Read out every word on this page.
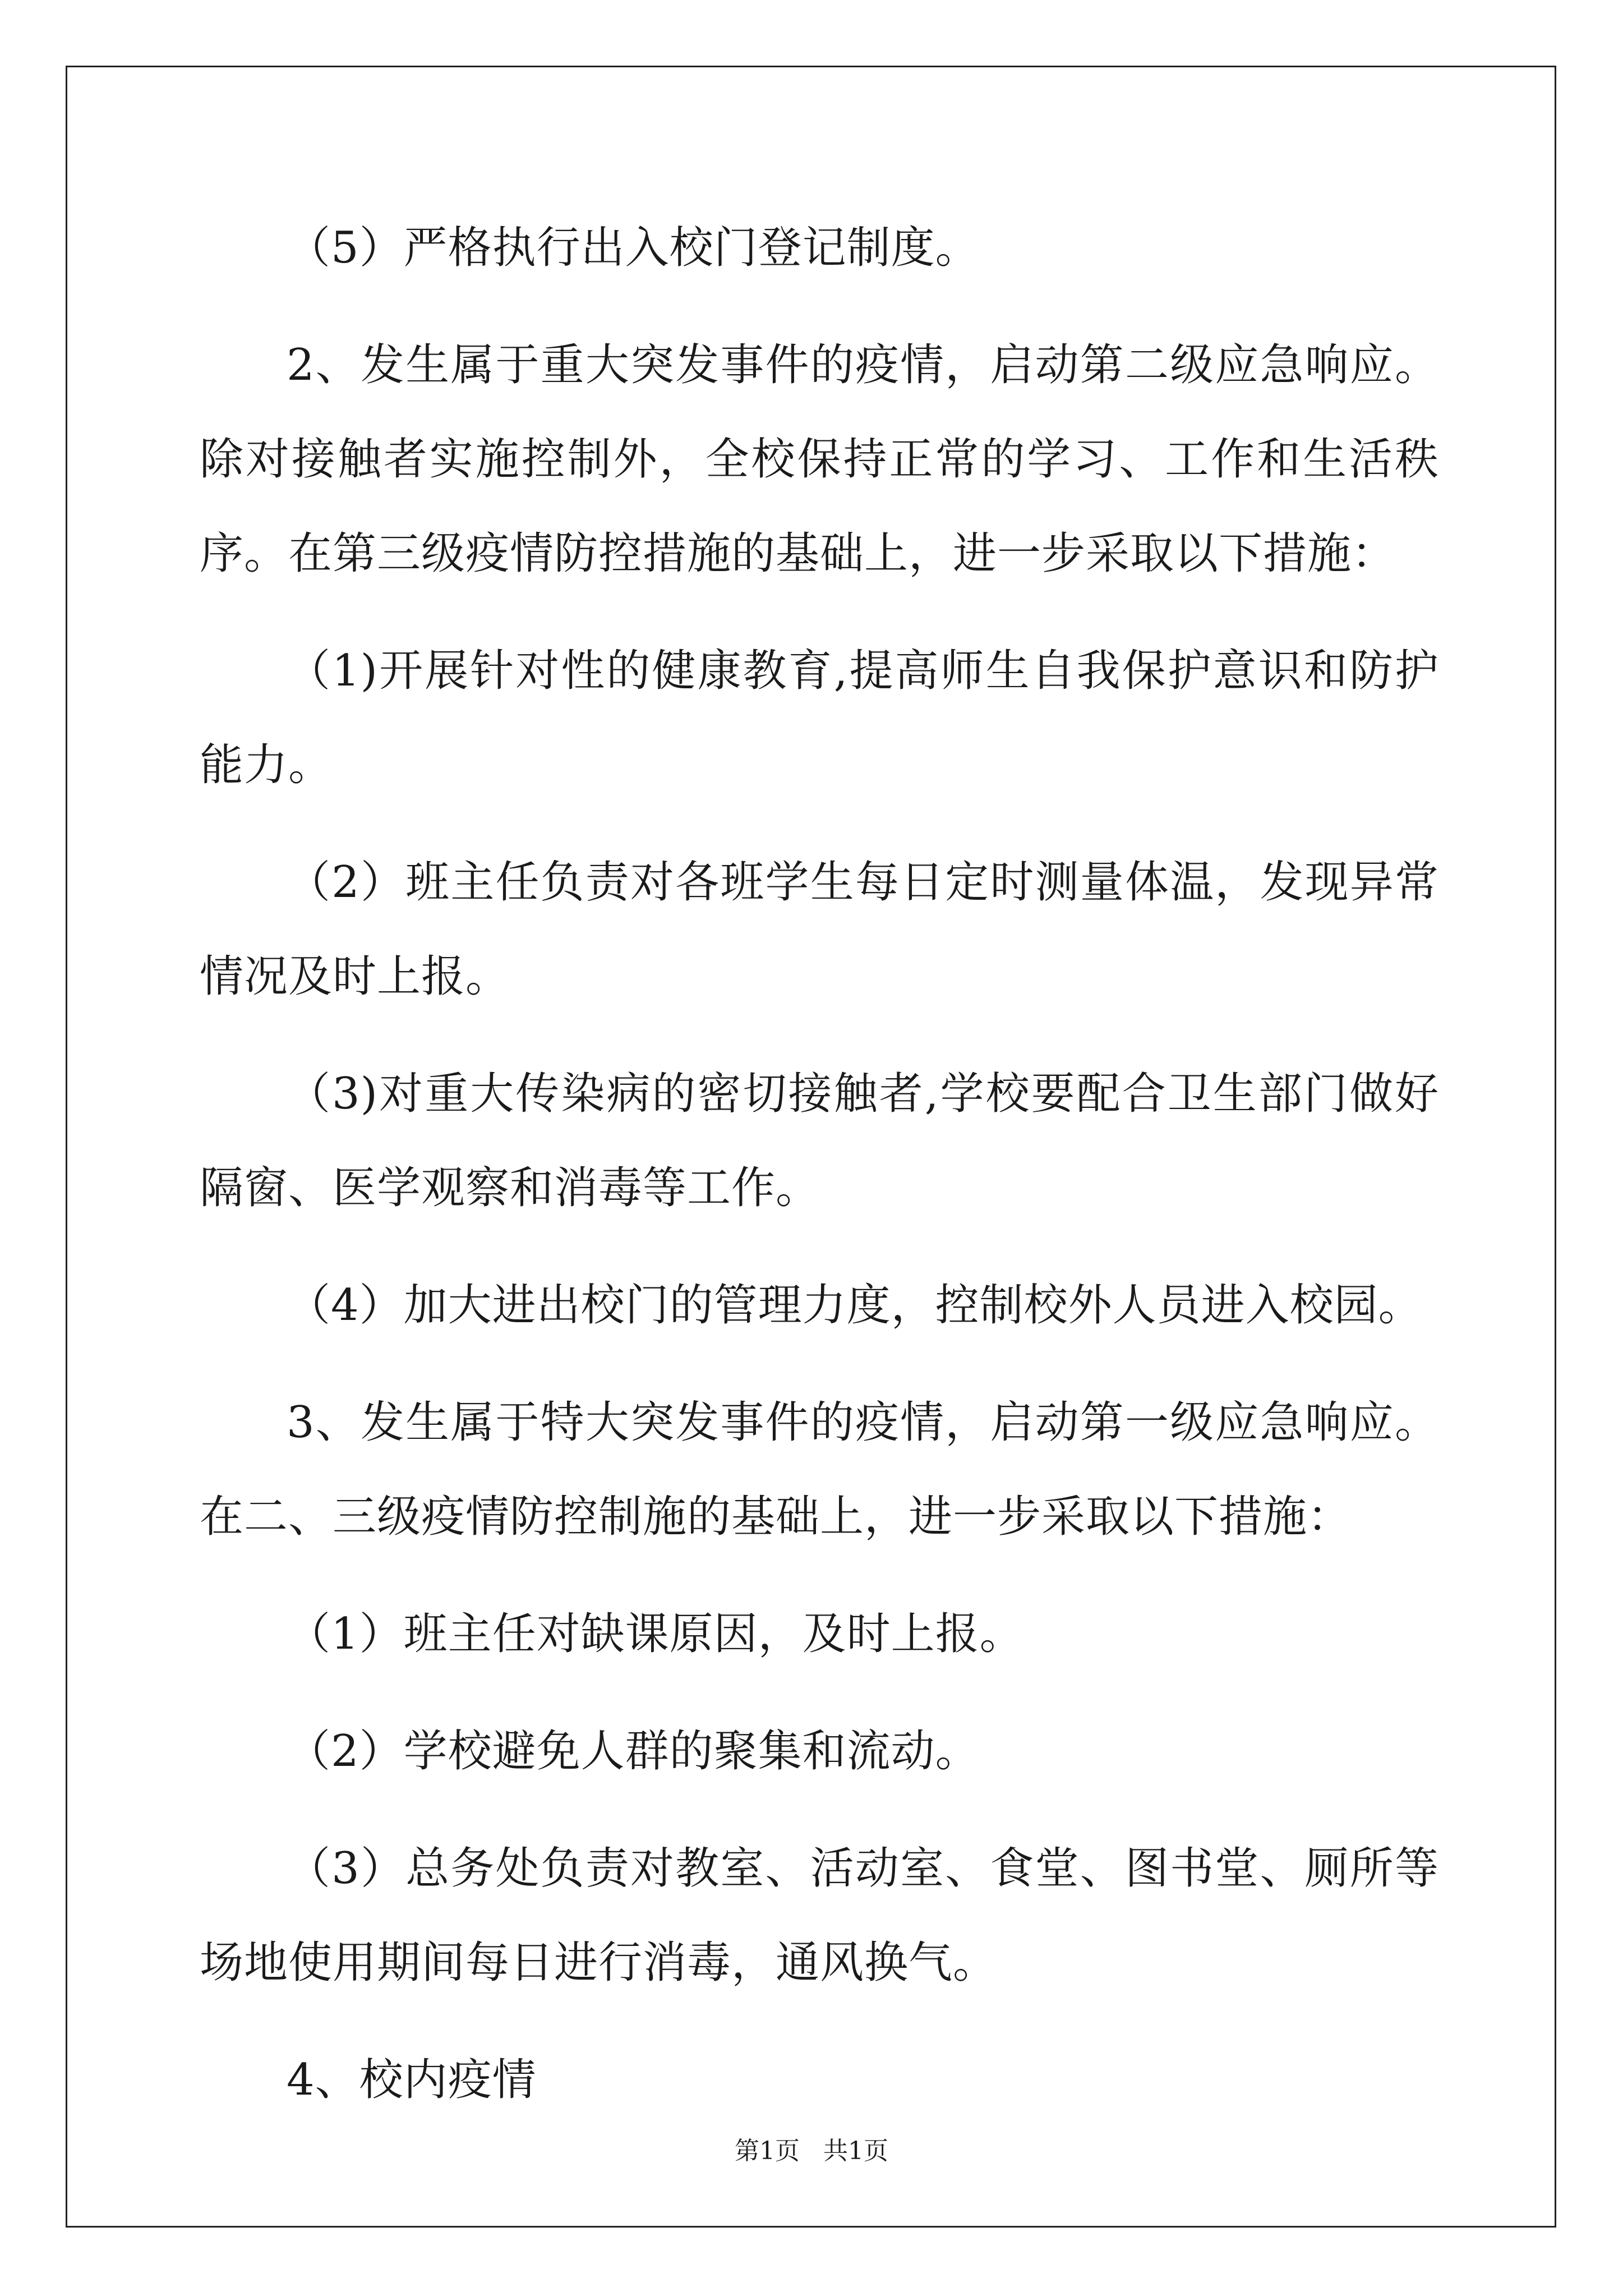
（5）严格执行出入校门登记制度。

2、发生属于重大突发事件的疫情，启动第二级应急响应。除对接触者实施控制外，全校保持正常的学习、工作和生活秩序。在第三级疫情防控措施的基础上，进一步采取以下措施：

（1)开展针对性的健康教育,提高师生自我保护意识和防护能力。

（2）班主任负责对各班学生每日定时测量体温，发现异常情况及时上报。

（3)对重大传染病的密切接触者,学校要配合卫生部门做好隔窗、医学观察和消毒等工作。

（4）加大进出校门的管理力度，控制校外人员进入校园。

3、发生属于特大突发事件的疫情，启动第一级应急响应。在二、三级疫情防控制施的基础上，进一步采取以下措施：

（1）班主任对缺课原因，及时上报。

（2）学校避免人群的聚集和流动。

（3）总务处负责对教室、活动室、食堂、图书堂、厕所等场地使用期间每日进行消毒，通风换气。

4、校内疫情

第1页   共1页
